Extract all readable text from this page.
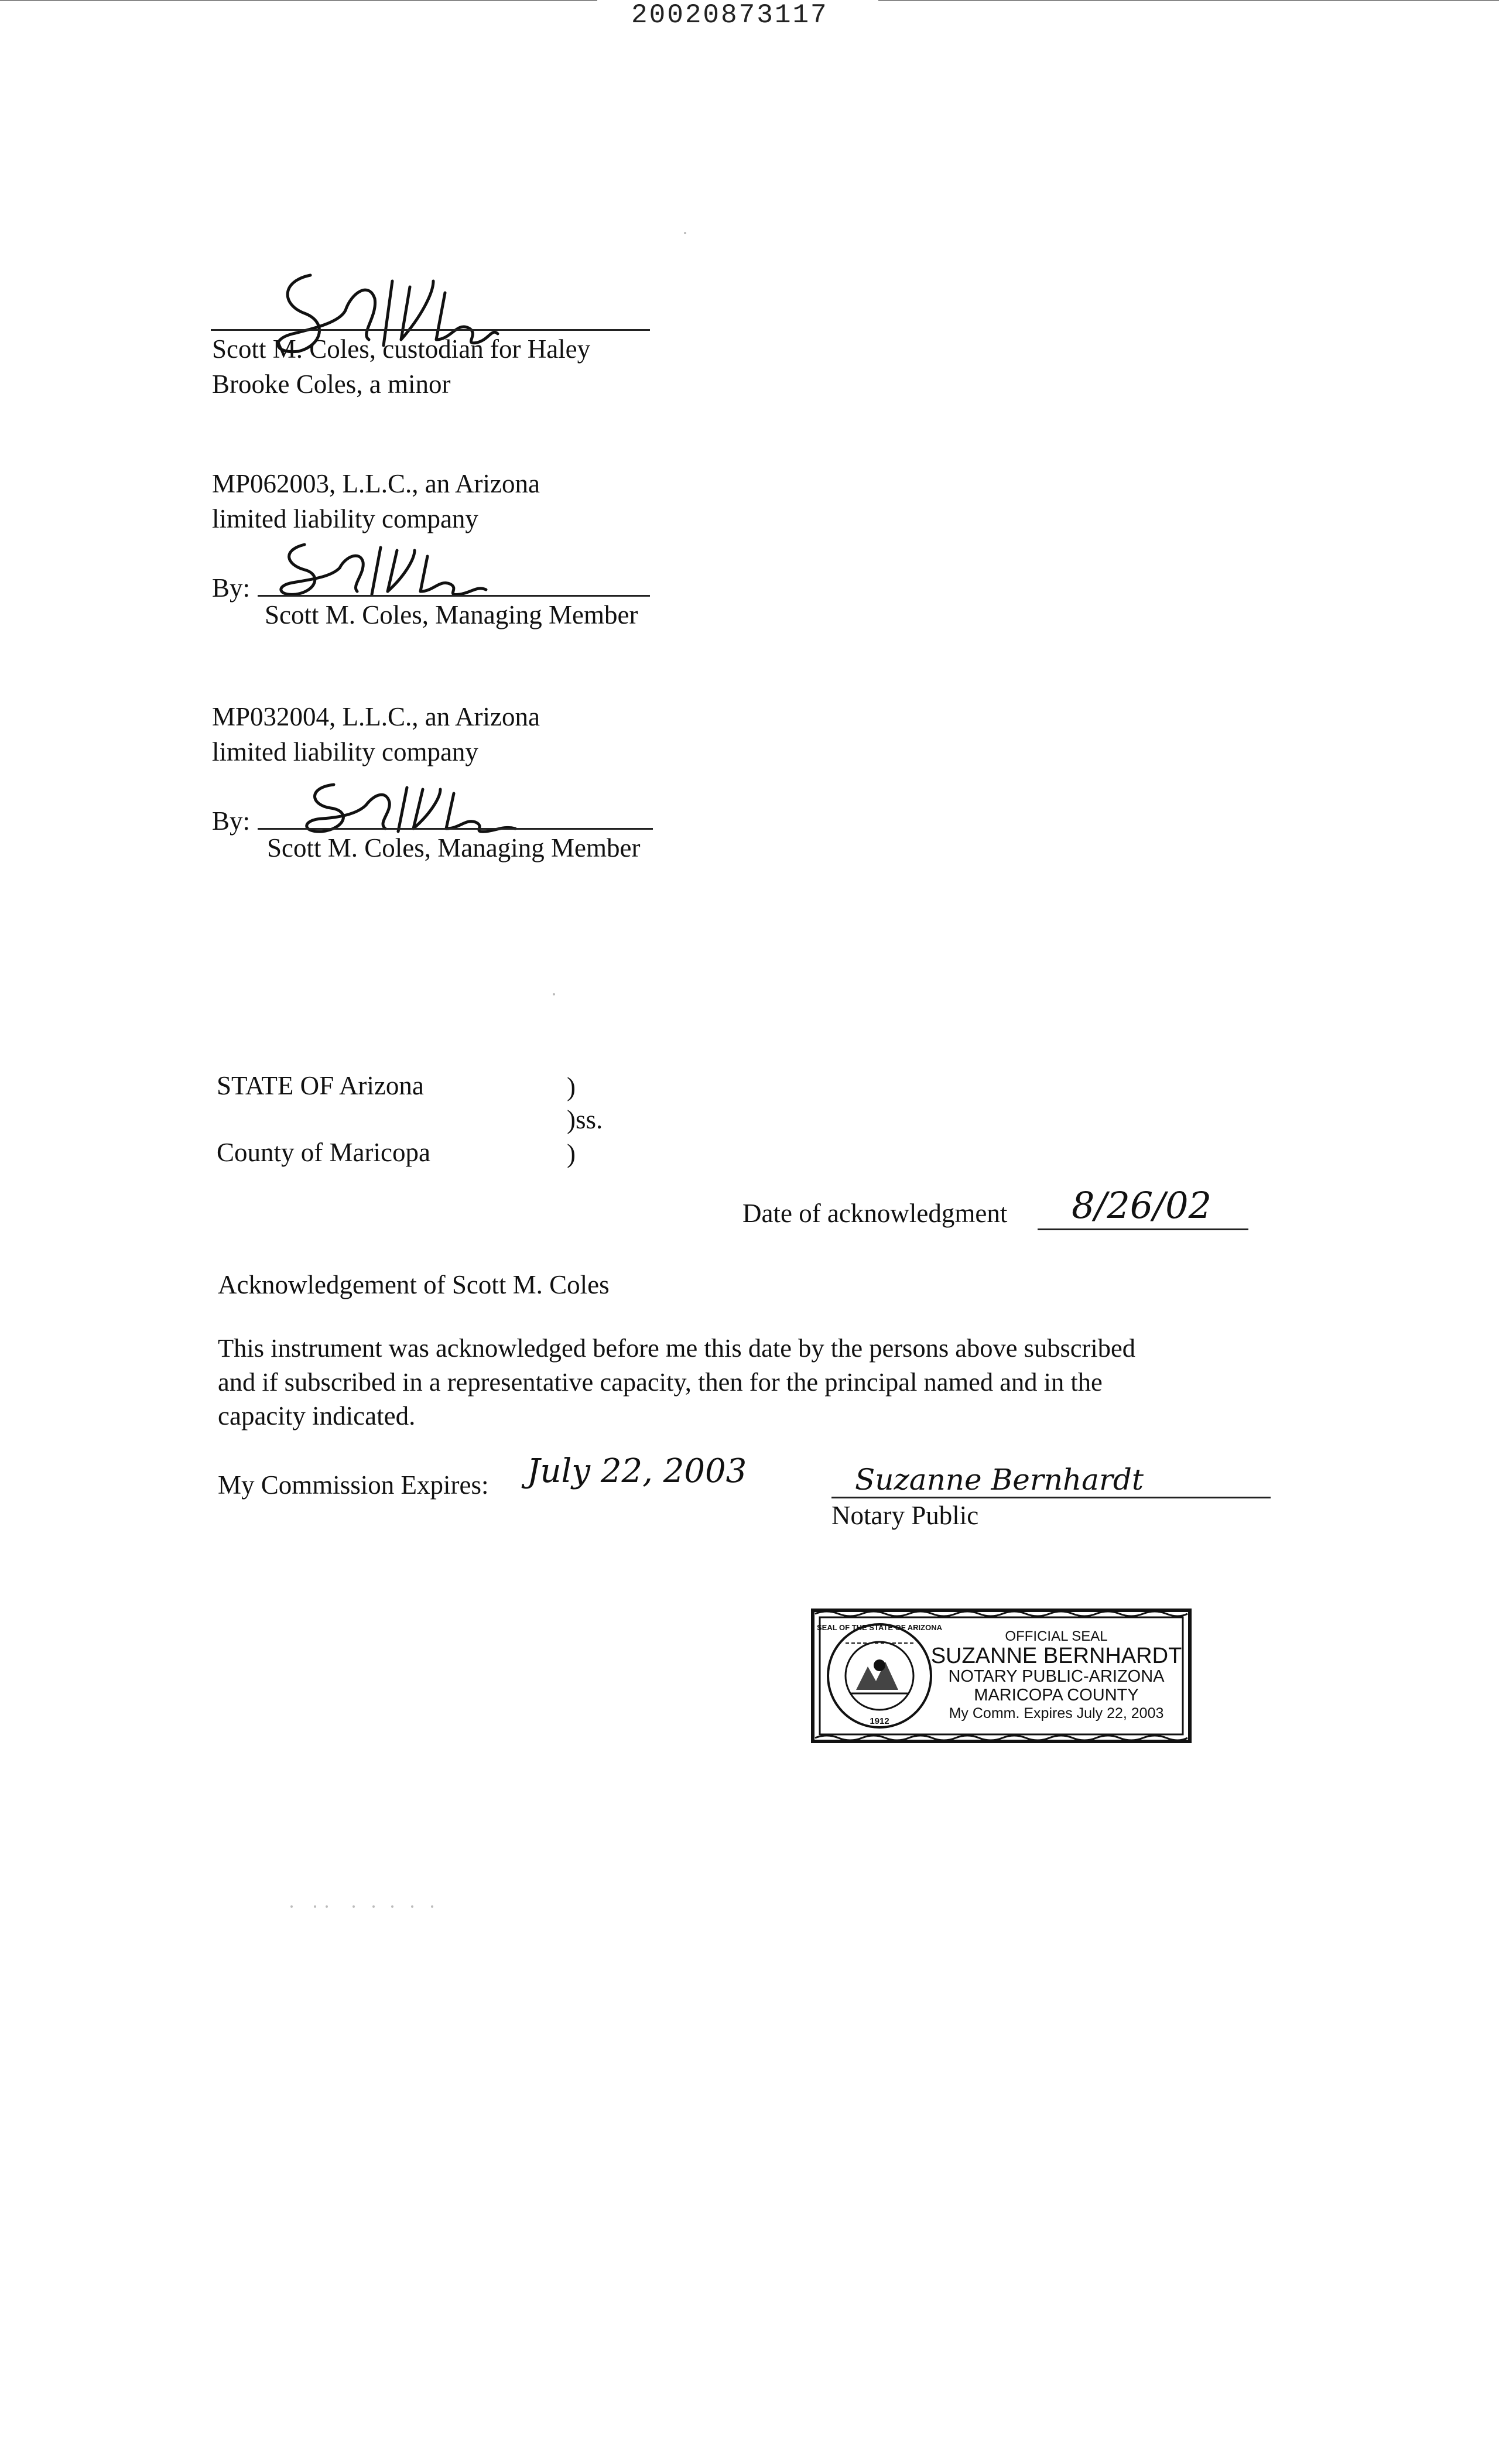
20020873117
Scott M. Coles, custodian for Haley
Brooke Coles, a minor
MP062003, L.L.C., an Arizona
limited liability company
By:
Scott M. Coles, Managing Member
MP032004, L.L.C., an Arizona
limited liability company
By:
Scott M. Coles, Managing Member
STATE OF Arizona
County of Maricopa
)
)ss.
)
Date of acknowledgment 8/26/02
Acknowledgement of Scott M. Coles
This instrument was acknowledged before me this date by the persons above subscribed
and if subscribed in a representative capacity, then for the principal named and in the
capacity indicated.
My Commission Expires: July 22, 2003	Suzanne Bernhardt
Notary Public
SEAL OF THE STATE OF ARIZONA
1912
OFFICIAL SEAL
SUZANNE BERNHARDT
NOTARY PUBLIC-ARIZONA
MARICOPA COUNTY
My Comm. Expires July 22, 2003
